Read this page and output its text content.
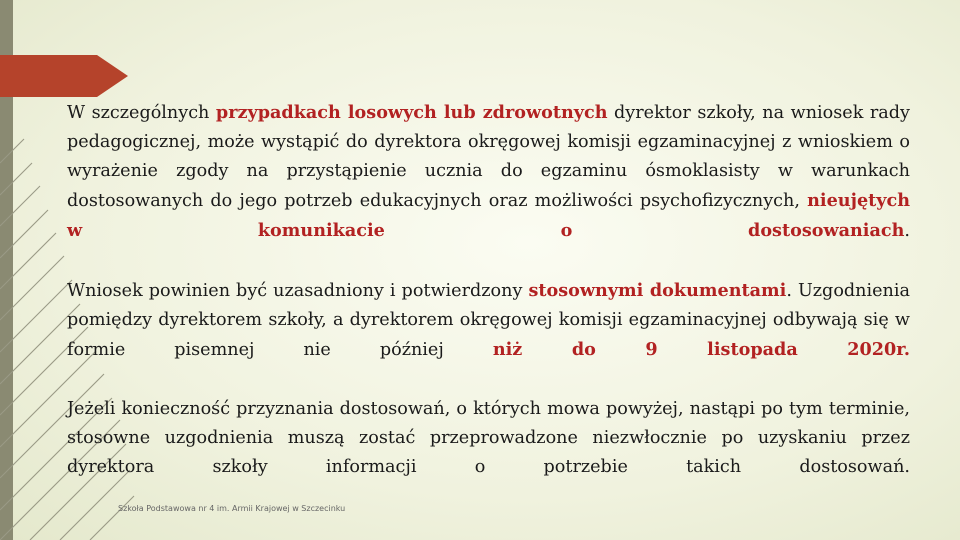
W szczególnych przypadkach losowych lub zdrowotnych dyrektor szkoły, na wniosek rady pedagogicznej, może wystąpić do dyrektora okręgowej komisji egzaminacyjnej z wnioskiem o wyrażenie zgody na przystąpienie ucznia do egzaminu ósmoklasisty w warunkach dostosowanych do jego potrzeb edukacyjnych oraz możliwości psychofizycznych, nieujętych w komunikacie o dostosowaniach.

Wniosek powinien być uzasadniony i potwierdzony stosownymi dokumentami. Uzgodnienia pomiędzy dyrektorem szkoły, a dyrektorem okręgowej komisji egzaminacyjnej odbywają się w formie pisemnej nie później niż do 9 listopada 2020r.

Jeżeli konieczność przyznania dostosowań, o których mowa powyżej, nastąpi po tym terminie, stosowne uzgodnienia muszą zostać przeprowadzone niezwłocznie po uzyskaniu przez dyrektora szkoły informacji o potrzebie takich dostosowań.

Szkoła Podstawowa nr 4 im. Armii Krajowej w Szczecinku
